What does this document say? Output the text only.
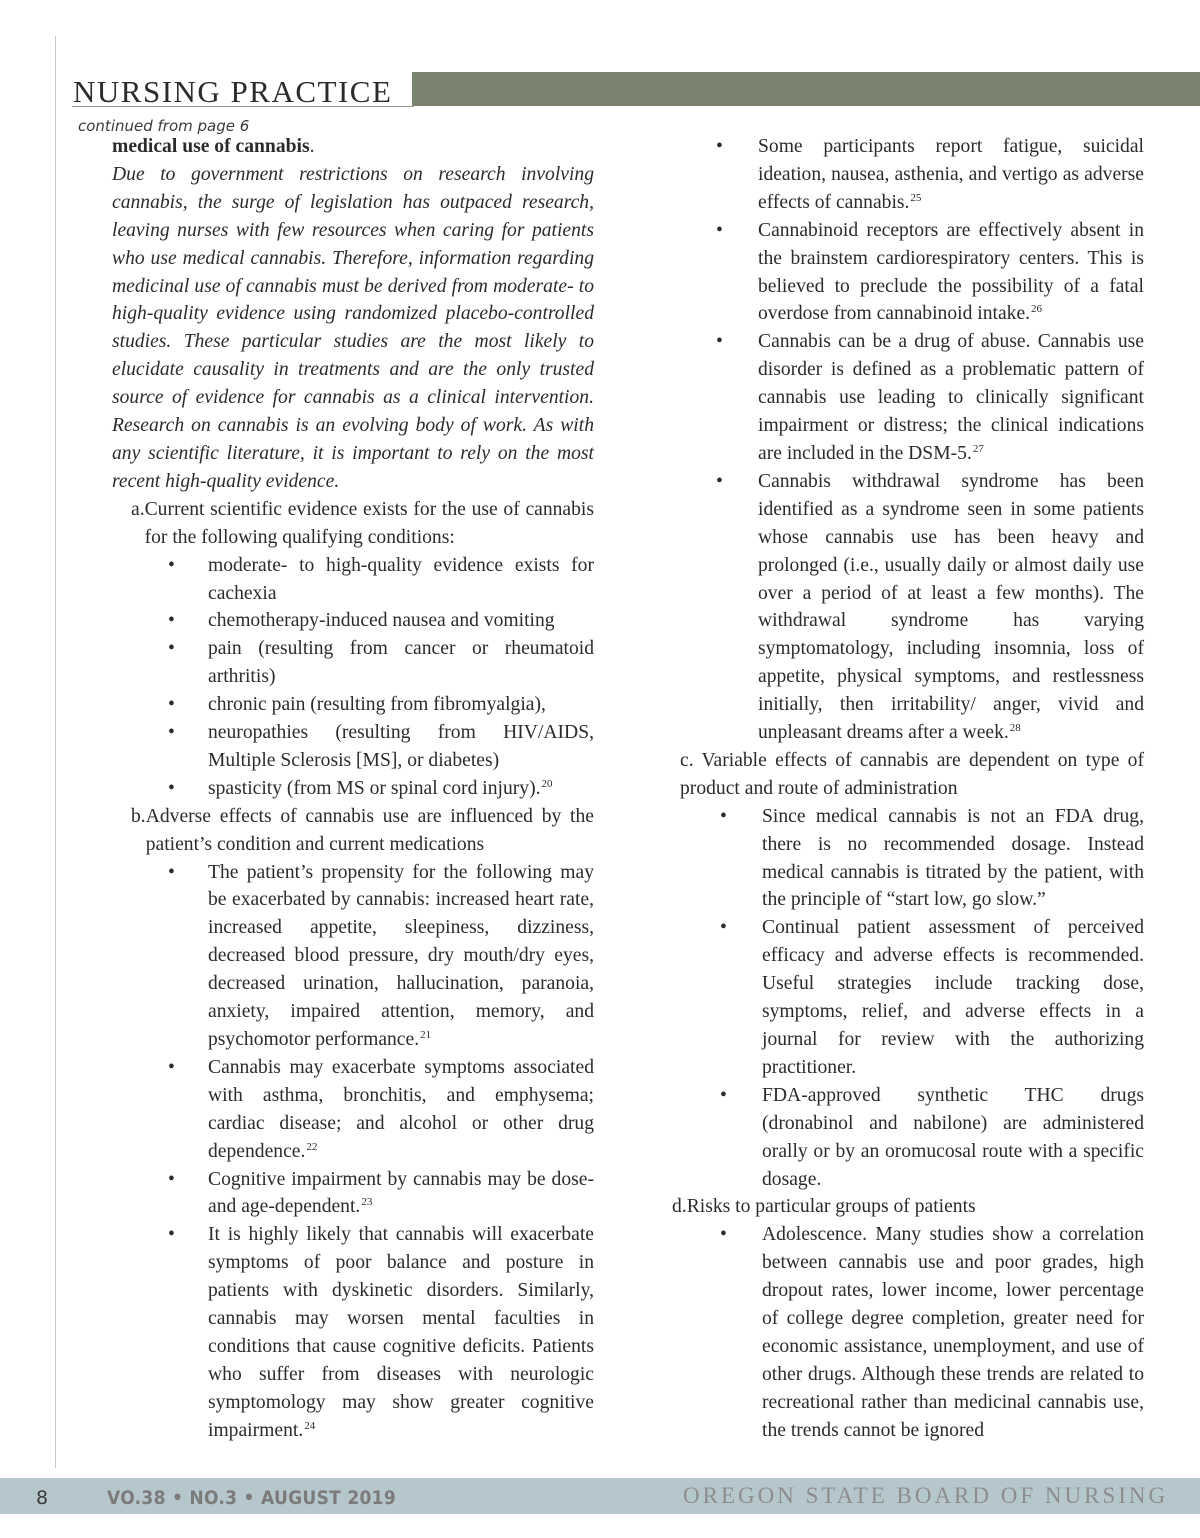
NURSING PRACTICE
continued from page 6

medical use of cannabis.

Due to government restrictions on research involving cannabis, the surge of legislation has outpaced research, leaving nurses with few resources when caring for patients who use medical cannabis. Therefore, information regarding medicinal use of cannabis must be derived from moderate- to high-quality evidence using randomized placebo-controlled studies. These particular studies are the most likely to elucidate causality in treatments and are the only trusted source of evidence for cannabis as a clinical intervention. Research on cannabis is an evolving body of work. As with any scientific literature, it is important to rely on the most recent high-quality evidence.

a. Current scientific evidence exists for the use of cannabis for the following qualifying conditions:
•	moderate- to high-quality evidence exists for cachexia
•	chemotherapy-induced nausea and vomiting
•	pain (resulting from cancer or rheumatoid arthritis)
•	chronic pain (resulting from fibromyalgia),
•	neuropathies (resulting from HIV/AIDS, Multiple Sclerosis [MS], or diabetes)
•	spasticity (from MS or spinal cord injury).$^{20}$
b. Adverse effects of cannabis use are influenced by the patient’s condition and current medications
•	The patient’s propensity for the following may be exacerbated by cannabis: increased heart rate, increased appetite, sleepiness, dizziness, decreased blood pressure, dry mouth/dry eyes, decreased urination, hallucination, paranoia, anxiety, impaired attention, memory, and psychomotor performance.$^{21}$
•	Cannabis may exacerbate symptoms associated with asthma, bronchitis, and emphysema; cardiac disease; and alcohol or other drug dependence.$^{22}$
•	Cognitive impairment by cannabis may be dose- and age-dependent.$^{23}$
•	It is highly likely that cannabis will exacerbate symptoms of poor balance and posture in patients with dyskinetic disorders. Similarly, cannabis may worsen mental faculties in conditions that cause cognitive deficits. Patients who suffer from diseases with neurologic symptomology may show greater cognitive impairment.$^{24}$
•	Some participants report fatigue, suicidal ideation, nausea, asthenia, and vertigo as adverse effects of cannabis.$^{25}$
•	Cannabinoid receptors are effectively absent in the brainstem cardiorespiratory centers. This is believed to preclude the possibility of a fatal overdose from cannabinoid intake.$^{26}$
•	Cannabis can be a drug of abuse. Cannabis use disorder is defined as a problematic pattern of cannabis use leading to clinically significant impairment or distress; the clinical indications are included in the DSM-5.27
•	Cannabis withdrawal syndrome has been identified as a syndrome seen in some patients whose cannabis use has been heavy and prolonged (i.e., usually daily or almost daily use over a period of at least a few months). The withdrawal syndrome has varying symptomatology, including insomnia, loss of appetite, physical symptoms, and restlessness initially, then irritability/ anger, vivid and unpleasant dreams after a week.$^{28}$
c. Variable effects of cannabis are dependent on type of product and route of administration
•	Since medical cannabis is not an FDA drug, there is no recommended dosage. Instead medical cannabis is titrated by the patient, with the principle of “start low, go slow.”
•	Continual patient assessment of perceived efficacy and adverse effects is recommended. Useful strategies include tracking dose, symptoms, relief, and adverse effects in a journal for review with the authorizing practitioner.
•	FDA-approved synthetic THC drugs (dronabinol and nabilone) are administered orally or by an oromucosal route with a specific dosage.
d. Risks to particular groups of patients
•	Adolescence. Many studies show a correlation between cannabis use and poor grades, high dropout rates, lower income, lower percentage of college degree completion, greater need for economic assistance, unemployment, and use of other drugs. Although these trends are related to recreational rather than medicinal cannabis use, the trends cannot be ignored
8	VO.38 • NO.3 • AUGUST 2019	OREGON STATE BOARD OF NURSING
